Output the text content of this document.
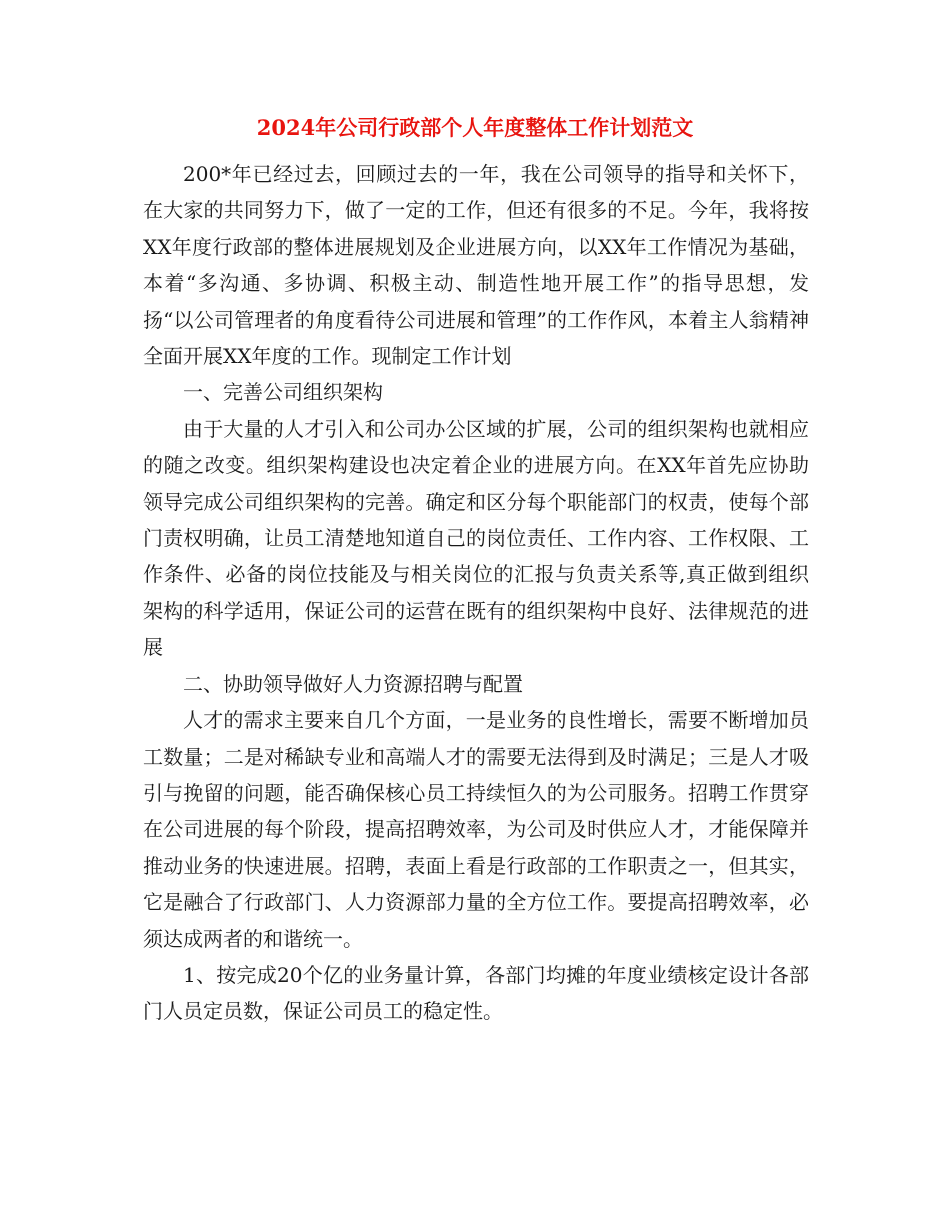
2024年公司行政部个人年度整体工作计划范文

200*年已经过去，回顾过去的一年，我在公司领导的指导和关怀下，在大家的共同努力下，做了一定的工作，但还有很多的不足。今年，我将按XX年度行政部的整体进展规划及企业进展方向，以XX年工作情况为基础，本着“多沟通、多协调、积极主动、制造性地开展工作”的指导思想，发扬“以公司管理者的角度看待公司进展和管理”的工作作风，本着主人翁精神全面开展XX年度的工作。现制定工作计划

一、完善公司组织架构

由于大量的人才引入和公司办公区域的扩展，公司的组织架构也就相应的随之改变。组织架构建设也决定着企业的进展方向。在XX年首先应协助领导完成公司组织架构的完善。确定和区分每个职能部门的权责，使每个部门责权明确，让员工清楚地知道自己的岗位责任、工作内容、工作权限、工作条件、必备的岗位技能及与相关岗位的汇报与负责关系等,真正做到组织架构的科学适用，保证公司的运营在既有的组织架构中良好、法律规范的进展

二、协助领导做好人力资源招聘与配置

人才的需求主要来自几个方面，一是业务的良性增长，需要不断增加员工数量；二是对稀缺专业和高端人才的需要无法得到及时满足；三是人才吸引与挽留的问题，能否确保核心员工持续恒久的为公司服务。招聘工作贯穿在公司进展的每个阶段，提高招聘效率，为公司及时供应人才，才能保障并推动业务的快速进展。招聘，表面上看是行政部的工作职责之一，但其实，它是融合了行政部门、人力资源部力量的全方位工作。要提高招聘效率，必须达成两者的和谐统一。

1、按完成20个亿的业务量计算，各部门均摊的年度业绩核定设计各部门人员定员数，保证公司员工的稳定性。
